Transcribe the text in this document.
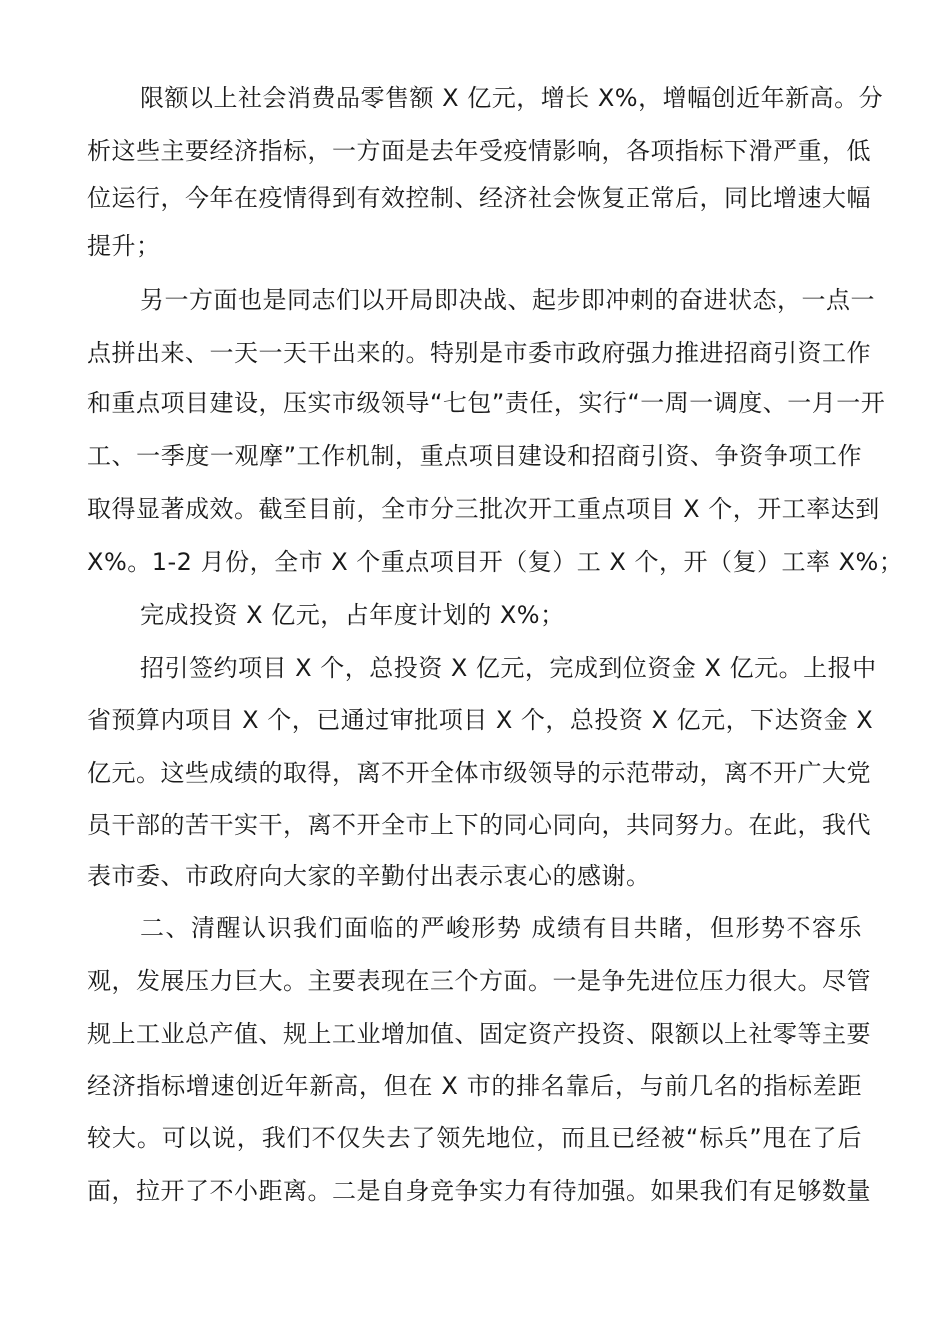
限额以上社会消费品零售额 X 亿元，增长 X%，增幅创近年新高。分
析这些主要经济指标，一方面是去年受疫情影响，各项指标下滑严重，低
位运行，今年在疫情得到有效控制、经济社会恢复正常后，同比增速大幅
提升；
另一方面也是同志们以开局即决战、起步即冲刺的奋进状态，一点一
点拼出来、一天一天干出来的。特别是市委市政府强力推进招商引资工作
和重点项目建设，压实市级领导“七包”责任，实行“一周一调度、一月一开
工、一季度一观摩”工作机制，重点项目建设和招商引资、争资争项工作
取得显著成效。截至目前，全市分三批次开工重点项目 X 个，开工率达到
X%。1-2 月份，全市 X 个重点项目开（复）工 X 个，开（复）工率 X%；
完成投资 X 亿元，占年度计划的 X%；
招引签约项目 X 个，总投资 X 亿元，完成到位资金 X 亿元。上报中
省预算内项目 X 个，已通过审批项目 X 个，总投资 X 亿元，下达资金 X
亿元。这些成绩的取得，离不开全体市级领导的示范带动，离不开广大党
员干部的苦干实干，离不开全市上下的同心同向，共同努力。在此，我代
表市委、市政府向大家的辛勤付出表示衷心的感谢。
二、清醒认识我们面临的严峻形势 成绩有目共睹，但形势不容乐
观，发展压力巨大。主要表现在三个方面。一是争先进位压力很大。尽管
规上工业总产值、规上工业增加值、固定资产投资、限额以上社零等主要
经济指标增速创近年新高，但在 X 市的排名靠后，与前几名的指标差距
较大。可以说，我们不仅失去了领先地位，而且已经被“标兵”甩在了后
面，拉开了不小距离。二是自身竞争实力有待加强。如果我们有足够数量
